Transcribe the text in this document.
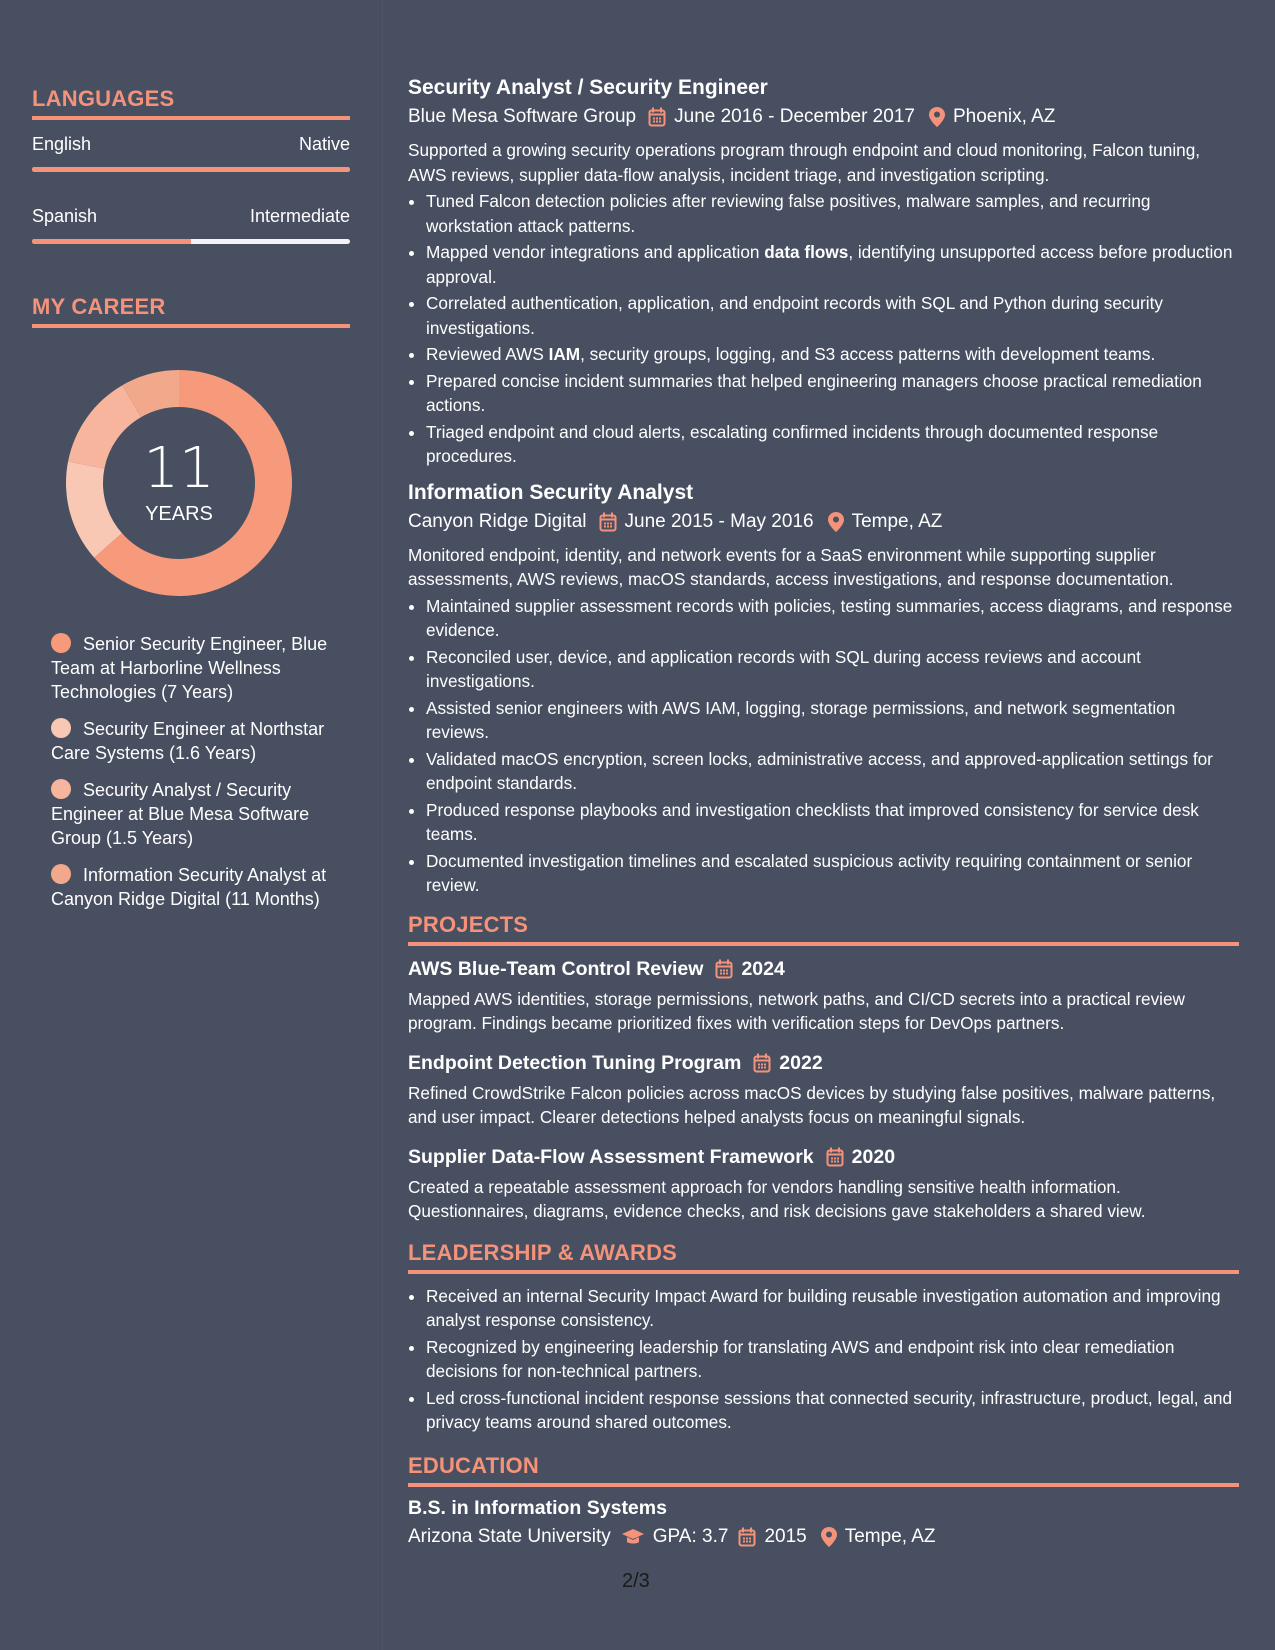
LANGUAGES
English	Native
Spanish	Intermediate
MY CAREER
11
YEARS
Senior Security Engineer, Blue Team at Harborline Wellness Technologies (7 Years)
Security Engineer at Northstar Care Systems (1.6 Years)
Security Analyst / Security Engineer at Blue Mesa Software Group (1.5 Years)
Information Security Analyst at Canyon Ridge Digital (11 Months)
Security Analyst / Security Engineer
Blue Mesa Software Group June 2016 - December 2017 Phoenix, AZ

Supported a growing security operations program through endpoint and cloud monitoring, Falcon tuning, AWS reviews, supplier data-flow analysis, incident triage, and investigation scripting.

• Tuned Falcon detection policies after reviewing false positives, malware samples, and recurring workstation attack patterns.
• Mapped vendor integrations and application data flows, identifying unsupported access before production approval.
• Correlated authentication, application, and endpoint records with SQL and Python during security investigations.
• Reviewed AWS IAM, security groups, logging, and S3 access patterns with development teams.
• Prepared concise incident summaries that helped engineering managers choose practical remediation actions.
• Triaged endpoint and cloud alerts, escalating confirmed incidents through documented response procedures.
Information Security Analyst
Canyon Ridge Digital June 2015 - May 2016 Tempe, AZ

Monitored endpoint, identity, and network events for a SaaS environment while supporting supplier assessments, AWS reviews, macOS standards, access investigations, and response documentation.

• Maintained supplier assessment records with policies, testing summaries, access diagrams, and response evidence.
• Reconciled user, device, and application records with SQL during access reviews and account investigations.
• Assisted senior engineers with AWS IAM, logging, storage permissions, and network segmentation reviews.
• Validated macOS encryption, screen locks, administrative access, and approved-application settings for endpoint standards.
• Produced response playbooks and investigation checklists that improved consistency for service desk teams.
• Documented investigation timelines and escalated suspicious activity requiring containment or senior review.
PROJECTS
AWS Blue-Team Control Review 2024

Mapped AWS identities, storage permissions, network paths, and CI/CD secrets into a practical review program. Findings became prioritized fixes with verification steps for DevOps partners.

Endpoint Detection Tuning Program 2022

Refined CrowdStrike Falcon policies across macOS devices by studying false positives, malware patterns, and user impact. Clearer detections helped analysts focus on meaningful signals.

Supplier Data-Flow Assessment Framework 2020

Created a repeatable assessment approach for vendors handling sensitive health information. Questionnaires, diagrams, evidence checks, and risk decisions gave stakeholders a shared view.

LEADERSHIP & AWARDS
• Received an internal Security Impact Award for building reusable investigation automation and improving analyst response consistency.
• Recognized by engineering leadership for translating AWS and endpoint risk into clear remediation decisions for non-technical partners.
• Led cross-functional incident response sessions that connected security, infrastructure, product, legal, and privacy teams around shared outcomes.
EDUCATION
B.S. in Information Systems
Arizona State University GPA: 3.7 2015 Tempe, AZ
2/3
